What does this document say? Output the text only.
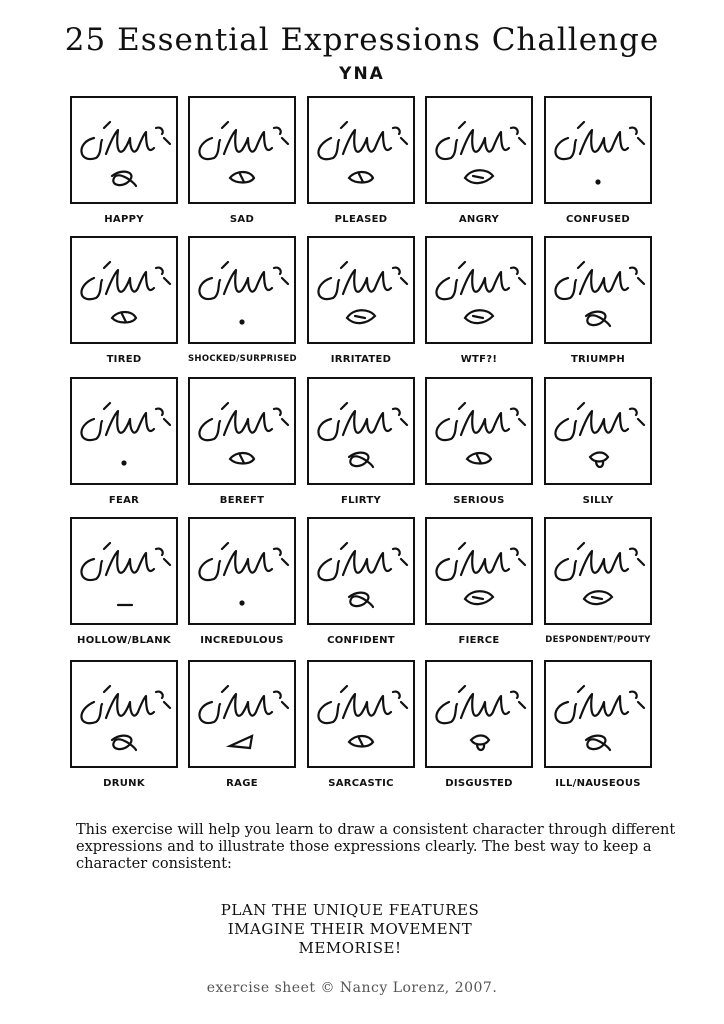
25 Essential Expressions Challenge
YNA
HAPPY	SAD	PLEASED	ANGRY	CONFUSED
TIRED	SHOCKED/SURPRISED	IRRITATED	WTF?!	TRIUMPH
FEAR	BEREFT	FLIRTY	SERIOUS	SILLY
HOLLOW/BLANK	INCREDULOUS	CONFIDENT	FIERCE	DESPONDENT/POUTY
DRUNK	RAGE	SARCASTIC	DISGUSTED	ILL/NAUSEOUS
This exercise will help you learn to draw a consistent character through different expressions and to illustrate those expressions clearly. The best way to keep a character consistent:
PLAN THE UNIQUE FEATURES
IMAGINE THEIR MOVEMENT
MEMORISE!
exercise sheet © Nancy Lorenz, 2007.
